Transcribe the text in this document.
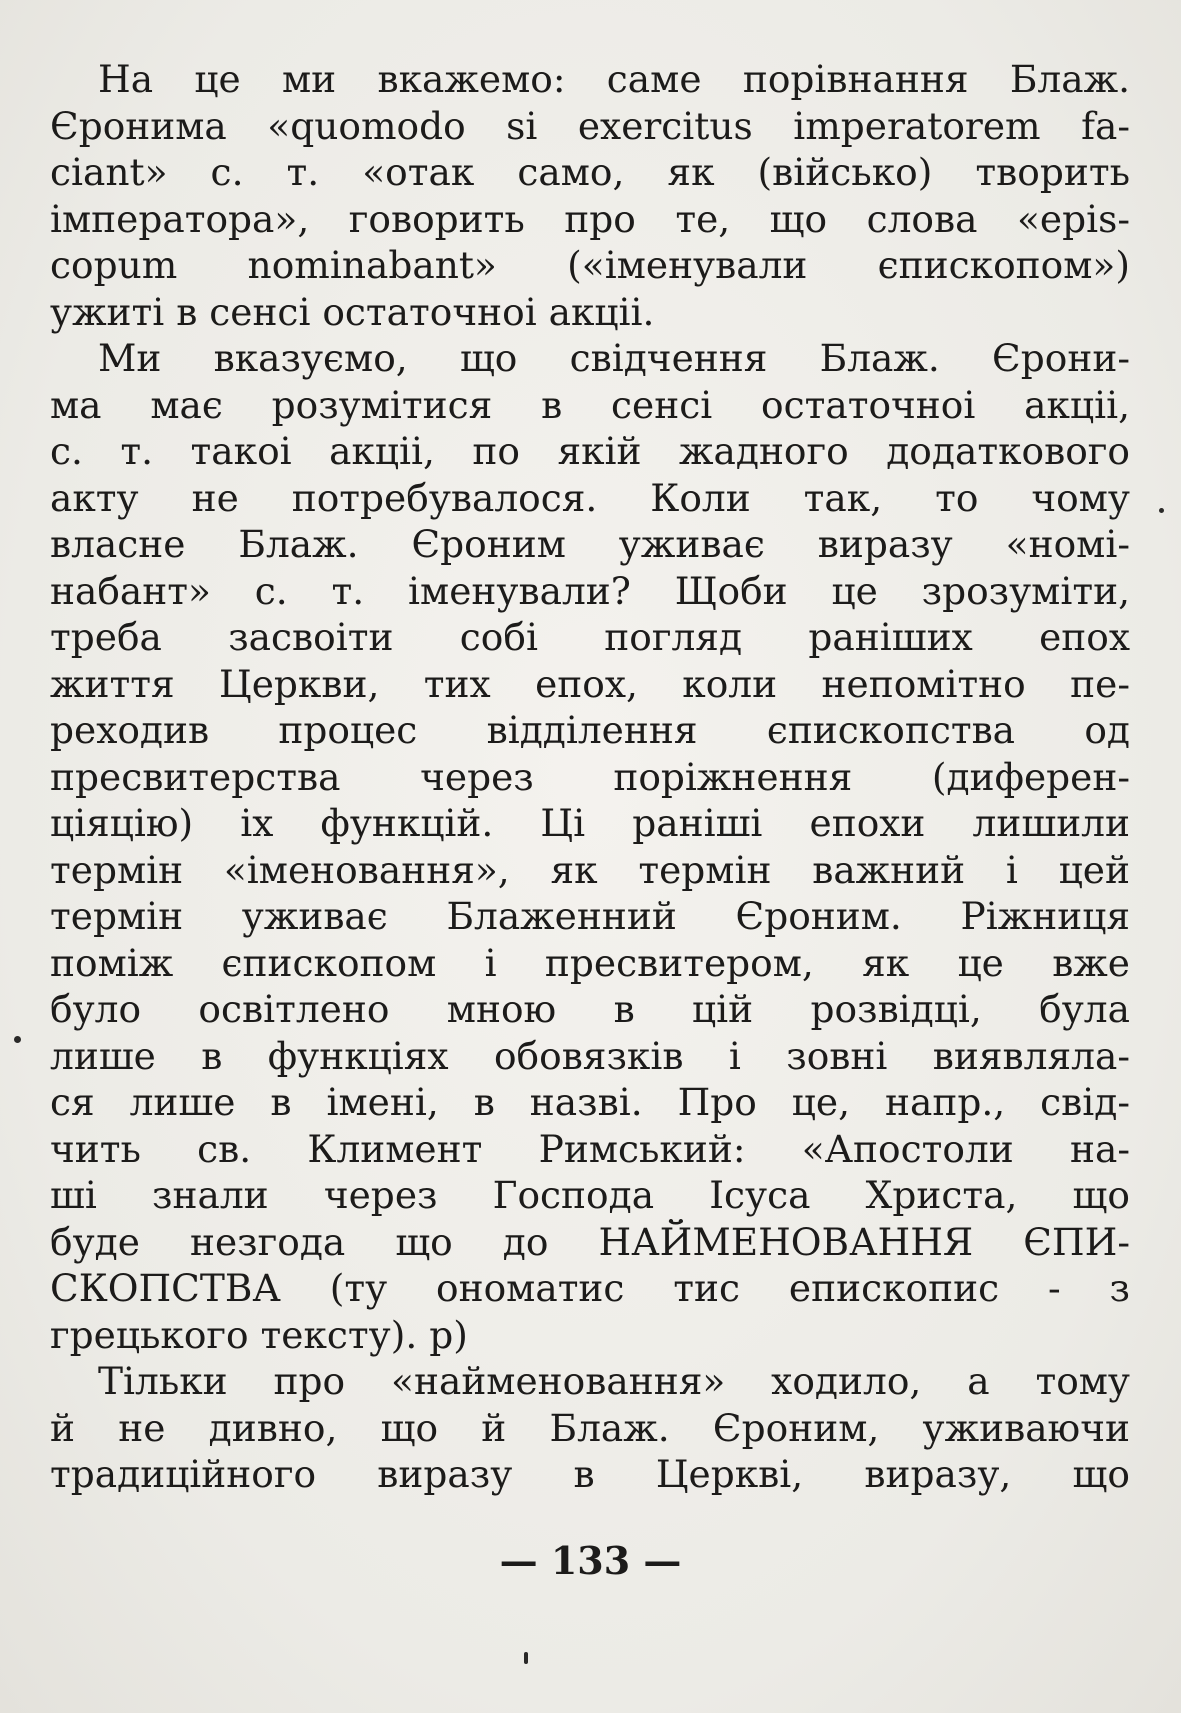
На це ми вкажемо: саме порівнання Блаж.
Єронима «quomodo si exercitus imperatorem fa-
ciant» с. т. «отак само, як (військо) творить
імператора», говорить про те, що слова «epis-
copum nominabant» («іменували єпископом»)
ужиті в сенсі остаточноі акціі.
Ми вказуємо, що свідчення Блаж. Єрони-
ма має розумітися в сенсі остаточноі акціі,
с. т. такоі акціі, по якій жадного додаткового
акту не потребувалося. Коли так, то чому
власне Блаж. Єроним уживає виразу «номі-
набант» с. т. іменували? Щоби це зрозуміти,
треба засвоіти собі погляд раніших епох
життя Церкви, тих епох, коли непомітно пе-
реходив процес відділення єпископства од
пресвитерства через поріжнення (диферен-
ціяцію) іх функцій. Ці раніші епохи лишили
термін «іменовання», як термін важний і цей
термін уживає Блаженний Єроним. Ріжниця
поміж єпископом і пресвитером, як це вже
було освітлено мною в цій розвідці, була
лише в функціях обовязків і зовні виявляла-
ся лише в імені, в назві. Про це, напр., свід-
чить св. Климент Римський: «Апостоли на-
ші знали через Господа Ісуса Христа, що
буде незгода що до НАЙМЕНОВАННЯ ЄПИ-
СКОПСТВА (ту ономатис тис епископис - з
грецького тексту). р)
Тільки про «найменовання» ходило, а тому
й не дивно, що й Блаж. Єроним, уживаючи
традиційного виразу в Церкві, виразу, що
— 133 —
